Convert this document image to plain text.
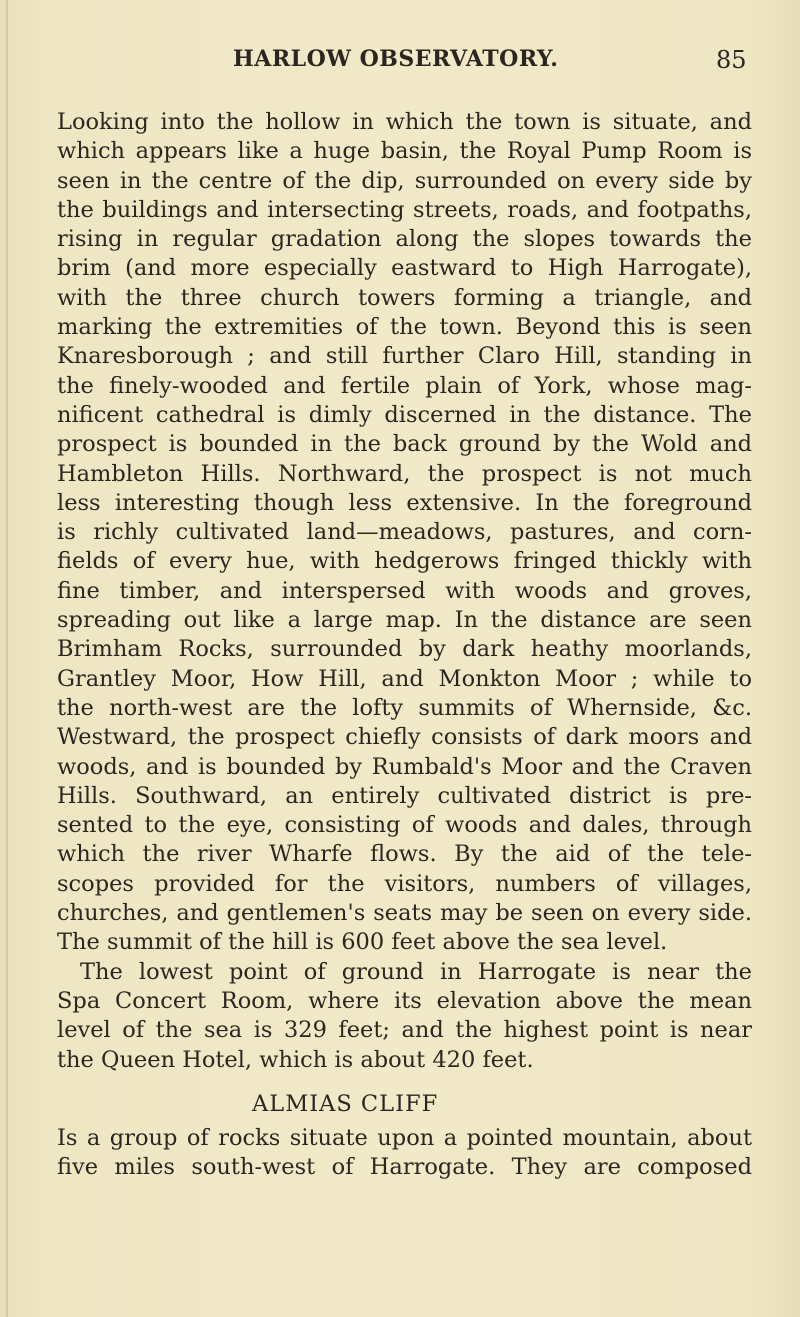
HARLOW OBSERVATORY.	85
Looking into the hollow in which the town is situate, and
which appears like a huge basin, the Royal Pump Room is
seen in the centre of the dip, surrounded on every side by
the buildings and intersecting streets, roads, and footpaths,
rising in regular gradation along the slopes towards the
brim (and more especially eastward to High Harrogate),
with the three church towers forming a triangle, and
marking the extremities of the town. Beyond this is seen
Knaresborough ; and still further Claro Hill, standing in
the finely-wooded and fertile plain of York, whose mag-
nificent cathedral is dimly discerned in the distance. The
prospect is bounded in the back ground by the Wold and
Hambleton Hills. Northward, the prospect is not much
less interesting though less extensive. In the foreground
is richly cultivated land—meadows, pastures, and corn-
fields of every hue, with hedgerows fringed thickly with
fine timber, and interspersed with woods and groves,
spreading out like a large map. In the distance are seen
Brimham Rocks, surrounded by dark heathy moorlands,
Grantley Moor, How Hill, and Monkton Moor ; while to
the north-west are the lofty summits of Whernside, &c.
Westward, the prospect chiefly consists of dark moors and
woods, and is bounded by Rumbald's Moor and the Craven
Hills. Southward, an entirely cultivated district is pre-
sented to the eye, consisting of woods and dales, through
which the river Wharfe flows. By the aid of the tele-
scopes provided for the visitors, numbers of villages,
churches, and gentlemen's seats may be seen on every side.
The summit of the hill is 600 feet above the sea level.
The lowest point of ground in Harrogate is near the
Spa Concert Room, where its elevation above the mean
level of the sea is 329 feet; and the highest point is near
the Queen Hotel, which is about 420 feet.
ALMIAS CLIFF
Is a group of rocks situate upon a pointed mountain, about
five miles south-west of Harrogate. They are composed
